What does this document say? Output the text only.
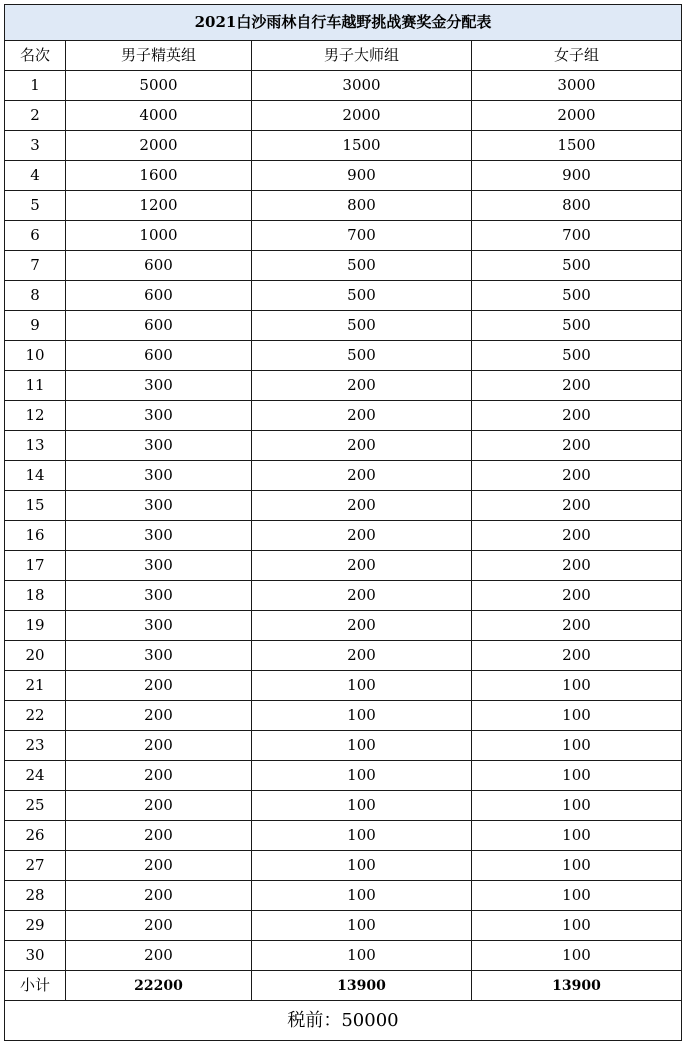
2021白沙雨林自行车越野挑战赛奖金分配表			
名次	男子精英组	男子大师组	女子组
1	5000	3000	3000
2	4000	2000	2000
3	2000	1500	1500
4	1600	900	900
5	1200	800	800
6	1000	700	700
7	600	500	500
8	600	500	500
9	600	500	500
10	600	500	500
11	300	200	200
12	300	200	200
13	300	200	200
14	300	200	200
15	300	200	200
16	300	200	200
17	300	200	200
18	300	200	200
19	300	200	200
20	300	200	200
21	200	100	100
22	200	100	100
23	200	100	100
24	200	100	100
25	200	100	100
26	200	100	100
27	200	100	100
28	200	100	100
29	200	100	100
30	200	100	100
小计	22200	13900	13900
税前：50000			
